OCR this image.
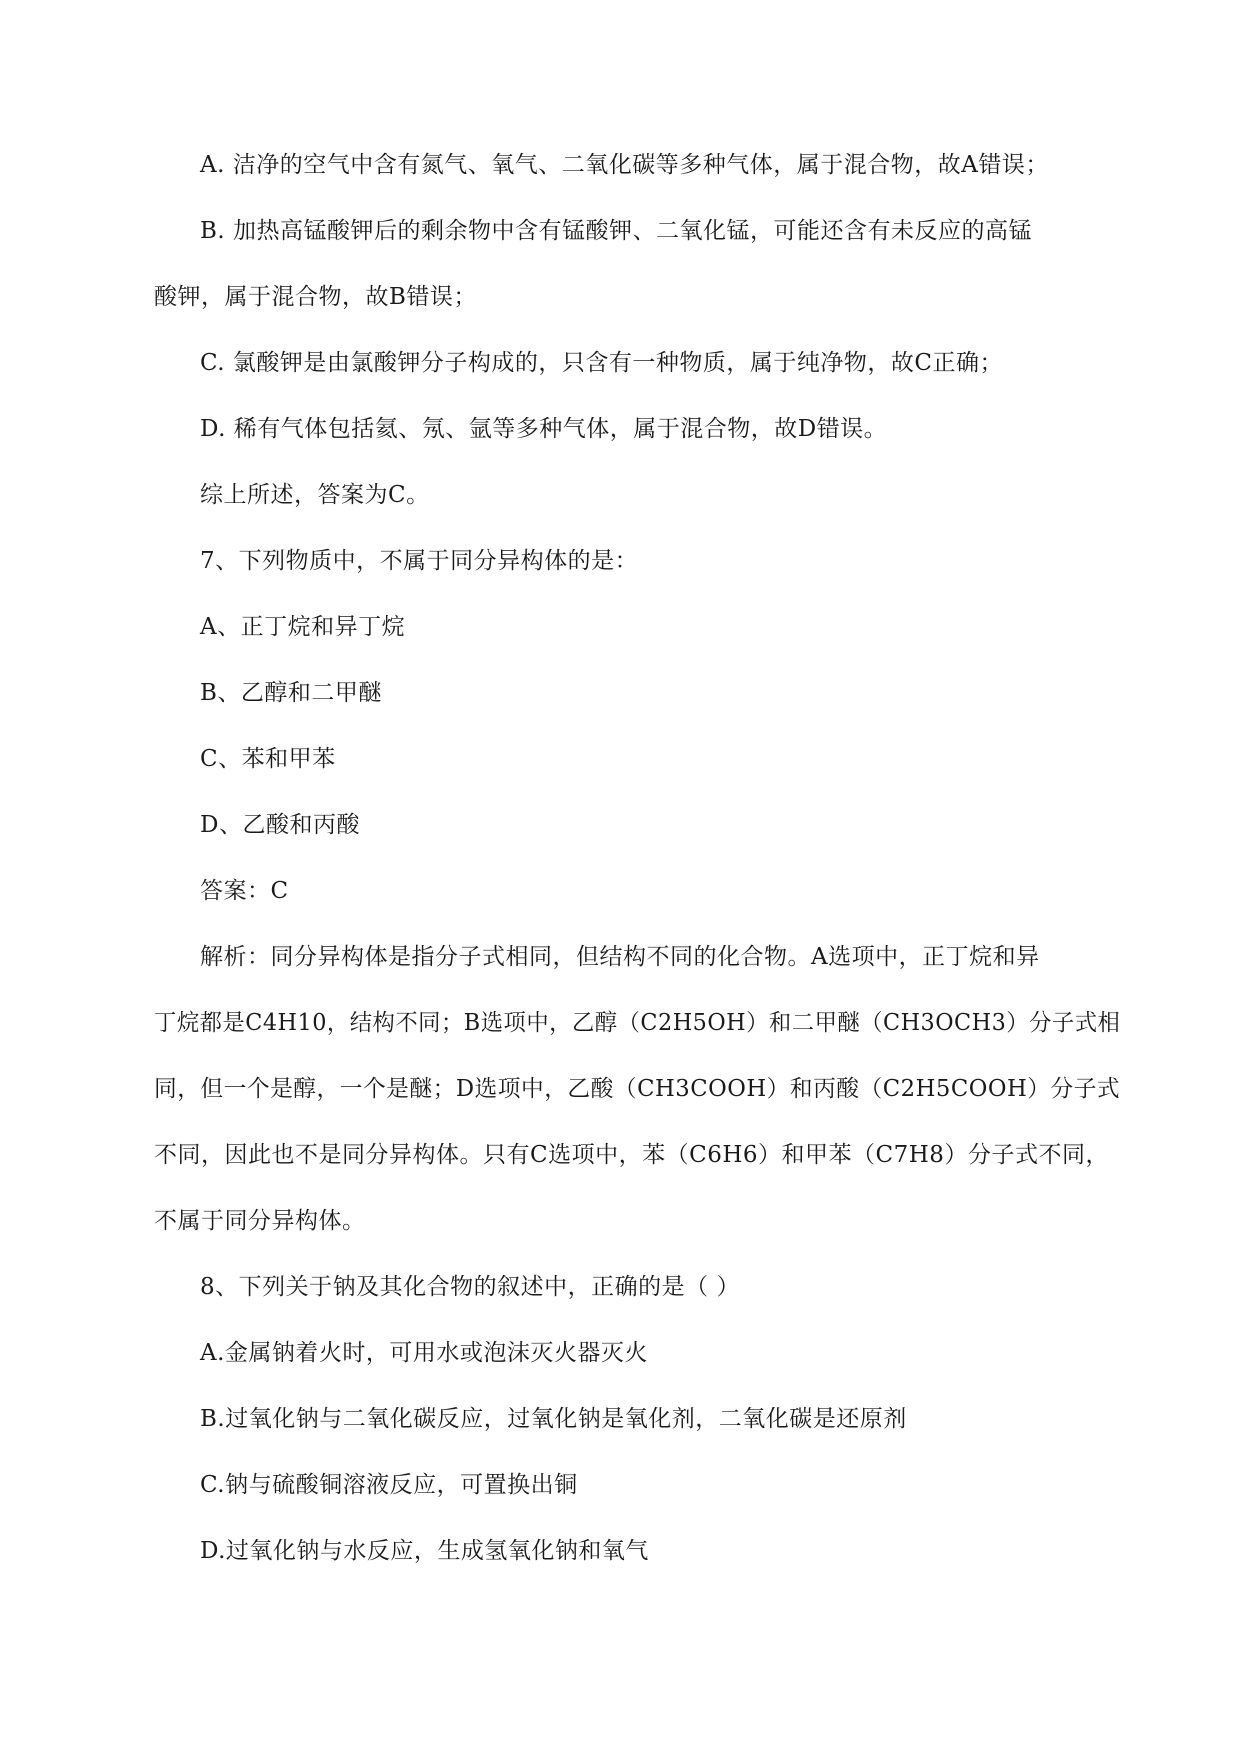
A. 洁净的空气中含有氮气、氧气、二氧化碳等多种气体，属于混合物，故A错误；
B. 加热高锰酸钾后的剩余物中含有锰酸钾、二氧化锰，可能还含有未反应的高锰
酸钾，属于混合物，故B错误；
C. 氯酸钾是由氯酸钾分子构成的，只含有一种物质，属于纯净物，故C正确；
D. 稀有气体包括氦、氖、氩等多种气体，属于混合物，故D错误。
综上所述，答案为C。
7、下列物质中，不属于同分异构体的是：
A、正丁烷和异丁烷
B、乙醇和二甲醚
C、苯和甲苯
D、乙酸和丙酸
答案：C
解析：同分异构体是指分子式相同，但结构不同的化合物。A选项中，正丁烷和异
丁烷都是C4H10，结构不同；B选项中，乙醇（C2H5OH）和二甲醚（CH3OCH3）分子式相
同，但一个是醇，一个是醚；D选项中，乙酸（CH3COOH）和丙酸（C2H5COOH）分子式
不同，因此也不是同分异构体。只有C选项中，苯（C6H6）和甲苯（C7H8）分子式不同，
不属于同分异构体。
8、下列关于钠及其化合物的叙述中，正确的是（ ）
A.金属钠着火时，可用水或泡沫灭火器灭火
B.过氧化钠与二氧化碳反应，过氧化钠是氧化剂，二氧化碳是还原剂
C.钠与硫酸铜溶液反应，可置换出铜
D.过氧化钠与水反应，生成氢氧化钠和氧气
